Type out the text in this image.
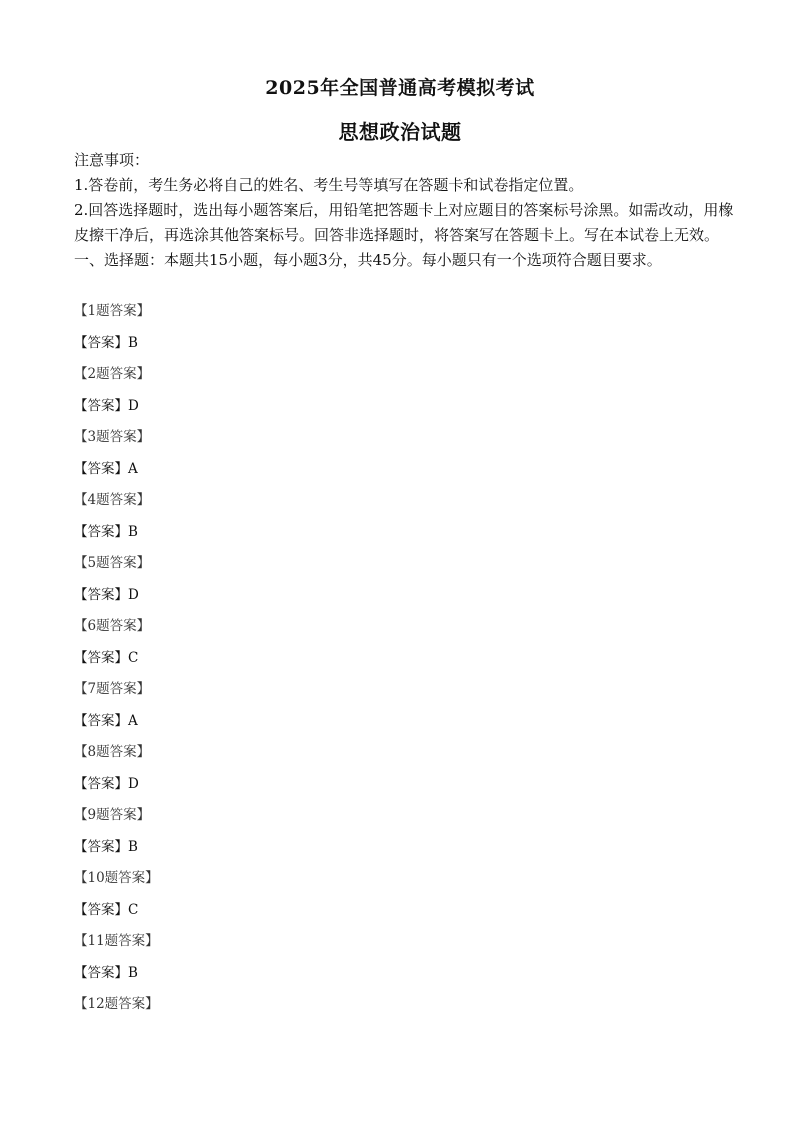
2025年全国普通高考模拟考试
思想政治试题

注意事项：

1.答卷前，考生务必将自己的姓名、考生号等填写在答题卡和试卷指定位置。

2.回答选择题时，选出每小题答案后，用铅笔把答题卡上对应题目的答案标号涂黑。如需改动，用橡皮擦干净后，再选涂其他答案标号。回答非选择题时，将答案写在答题卡上。写在本试卷上无效。

一、选择题：本题共15小题，每小题3分，共45分。每小题只有一个选项符合题目要求。

【1题答案】
【答案】B
【2题答案】
【答案】D
【3题答案】
【答案】A
【4题答案】
【答案】B
【5题答案】
【答案】D
【6题答案】
【答案】C
【7题答案】
【答案】A
【8题答案】
【答案】D
【9题答案】
【答案】B
【10题答案】
【答案】C
【11题答案】
【答案】B
【12题答案】
